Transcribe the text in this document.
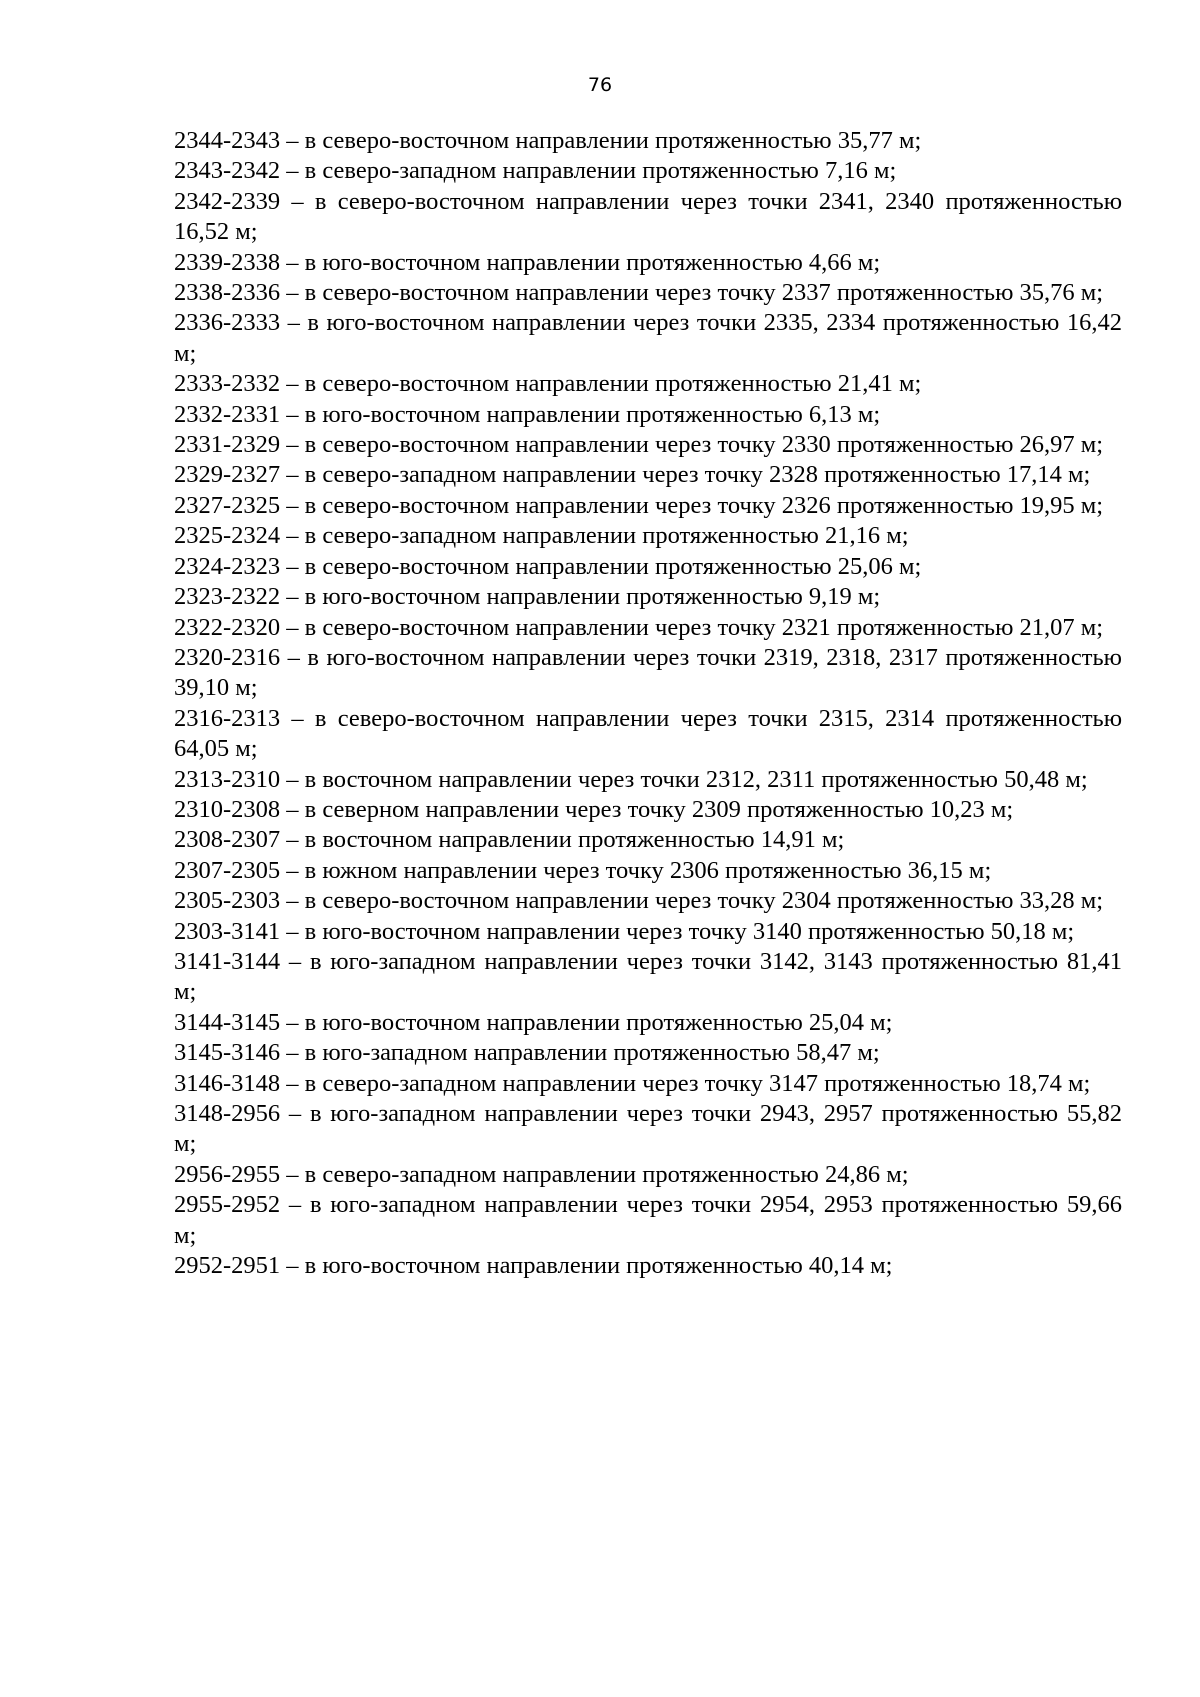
76

2344-2343 – в северо-восточном направлении протяженностью 35,77 м;

2343-2342 – в северо-западном направлении протяженностью 7,16 м;

2342-2339 – в северо-восточном направлении через точки 2341, 2340 протяженностью 16,52 м;

2339-2338 – в юго-восточном направлении протяженностью 4,66 м;

2338-2336 – в северо-восточном направлении через точку 2337 протяженностью 35,76 м;

2336-2333 – в юго-восточном направлении через точки 2335, 2334 протяженностью 16,42 м;

2333-2332 – в северо-восточном направлении протяженностью 21,41 м;

2332-2331 – в юго-восточном направлении протяженностью 6,13 м;

2331-2329 – в северо-восточном направлении через точку 2330 протяженностью 26,97 м;

2329-2327 – в северо-западном направлении через точку 2328 протяженностью 17,14 м;

2327-2325 – в северо-восточном направлении через точку 2326 протяженностью 19,95 м;

2325-2324 – в северо-западном направлении протяженностью 21,16 м;

2324-2323 – в северо-восточном направлении протяженностью 25,06 м;

2323-2322 – в юго-восточном направлении протяженностью 9,19 м;

2322-2320 – в северо-восточном направлении через точку 2321 протяженностью 21,07 м;

2320-2316 – в юго-восточном направлении через точки 2319, 2318, 2317 протяженностью 39,10 м;

2316-2313 – в северо-восточном направлении через точки 2315, 2314 протяженностью 64,05 м;

2313-2310 – в восточном направлении через точки 2312, 2311 протяженностью 50,48 м;

2310-2308 – в северном направлении через точку 2309 протяженностью 10,23 м;

2308-2307 – в восточном направлении протяженностью 14,91 м;

2307-2305 – в южном направлении через точку 2306 протяженностью 36,15 м;

2305-2303 – в северо-восточном направлении через точку 2304 протяженностью 33,28 м;

2303-3141 – в юго-восточном направлении через точку 3140 протяженностью 50,18 м;

3141-3144 – в юго-западном направлении через точки 3142, 3143 протяженностью 81,41 м;

3144-3145 – в юго-восточном направлении протяженностью 25,04 м;

3145-3146 – в юго-западном направлении протяженностью 58,47 м;

3146-3148 – в северо-западном направлении через точку 3147 протяженностью 18,74 м;

3148-2956 – в юго-западном направлении через точки 2943, 2957 протяженностью 55,82 м;

2956-2955 – в северо-западном направлении протяженностью 24,86 м;

2955-2952 – в юго-западном направлении через точки 2954, 2953 протяженностью 59,66 м;

2952-2951 – в юго-восточном направлении протяженностью 40,14 м;
